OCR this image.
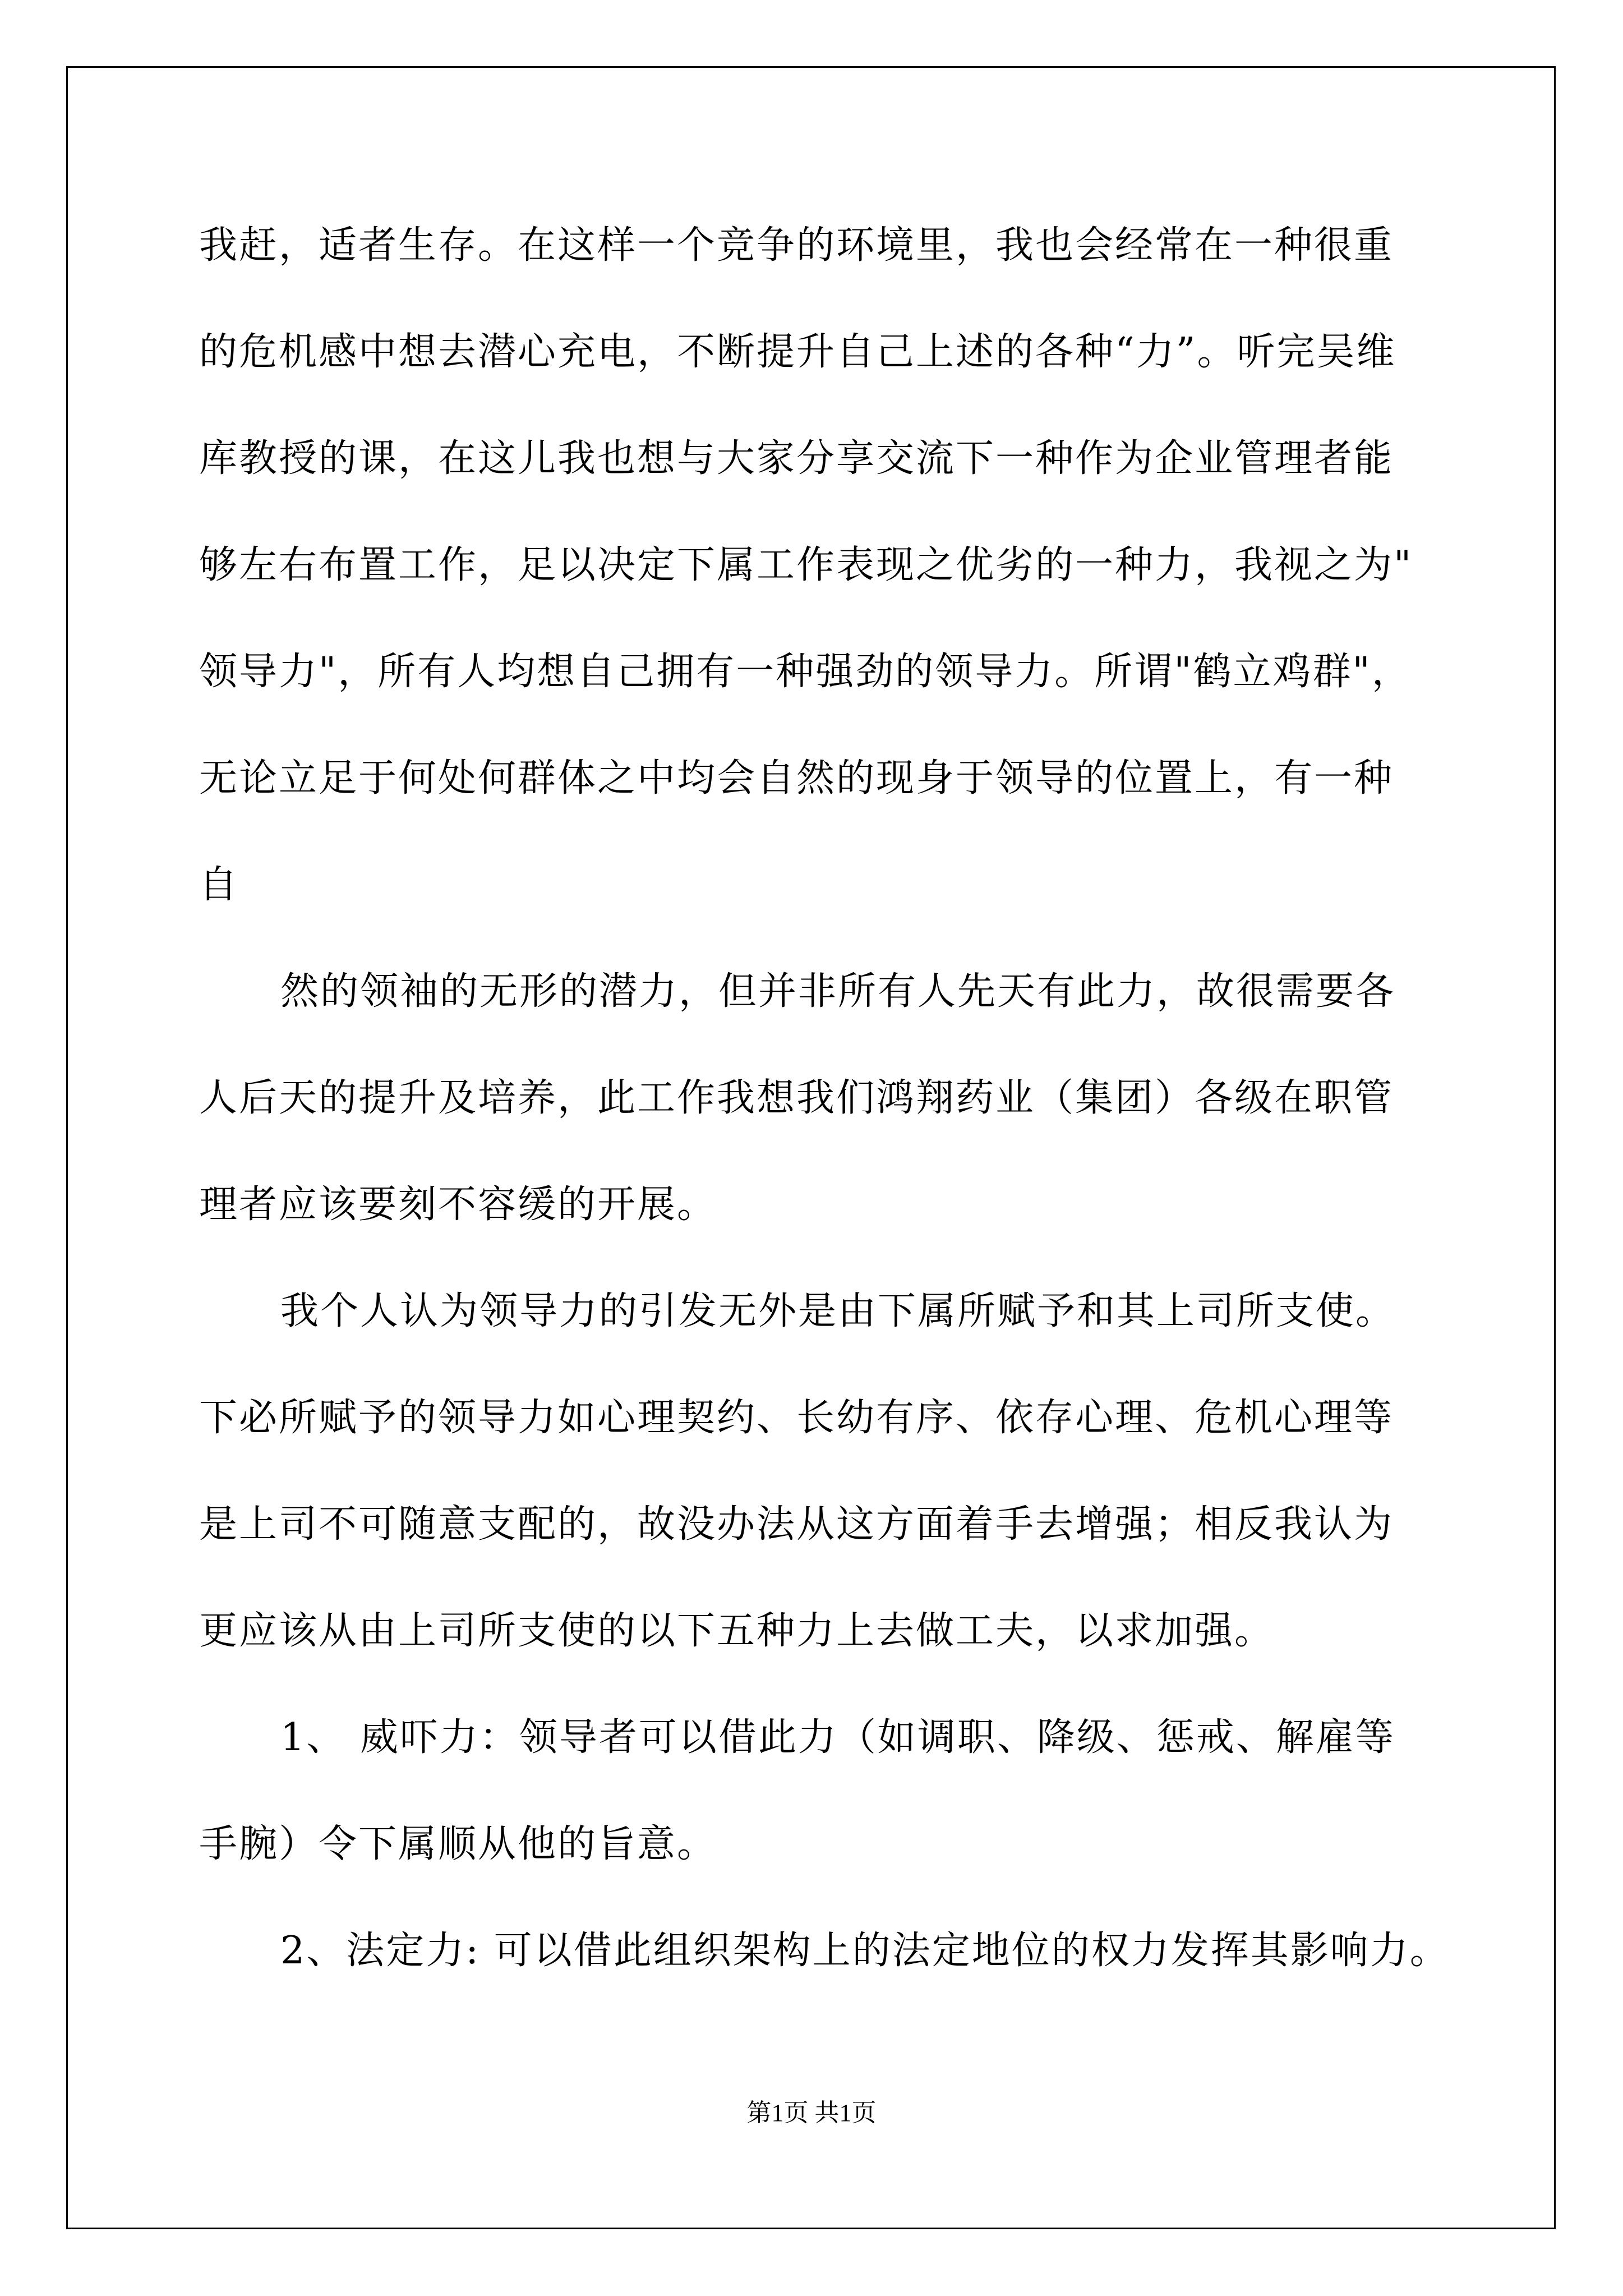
我赶，适者生存。在这样一个竞争的环境里，我也会经常在一种很重
的危机感中想去潜心充电，不断提升自己上述的各种“力”。听完吴维
库教授的课，在这儿我也想与大家分享交流下一种作为企业管理者能
够左右布置工作，足以决定下属工作表现之优劣的一种力，我视之为"
领导力"，所有人均想自己拥有一种强劲的领导力。所谓"鹤立鸡群"，
无论立足于何处何群体之中均会自然的现身于领导的位置上，有一种
自
然的领袖的无形的潜力，但并非所有人先天有此力，故很需要各
人后天的提升及培养，此工作我想我们鸿翔药业（集团）各级在职管
理者应该要刻不容缓的开展。
我个人认为领导力的引发无外是由下属所赋予和其上司所支使。
下必所赋予的领导力如心理契约、长幼有序、依存心理、危机心理等
是上司不可随意支配的，故没办法从这方面着手去增强；相反我认为
更应该从由上司所支使的以下五种力上去做工夫，以求加强。
1、 威吓力：领导者可以借此力（如调职、降级、惩戒、解雇等
手腕）令下属顺从他的旨意。
2、法定力: 可以借此组织架构上的法定地位的权力发挥其影响力。
第1页 共1页
